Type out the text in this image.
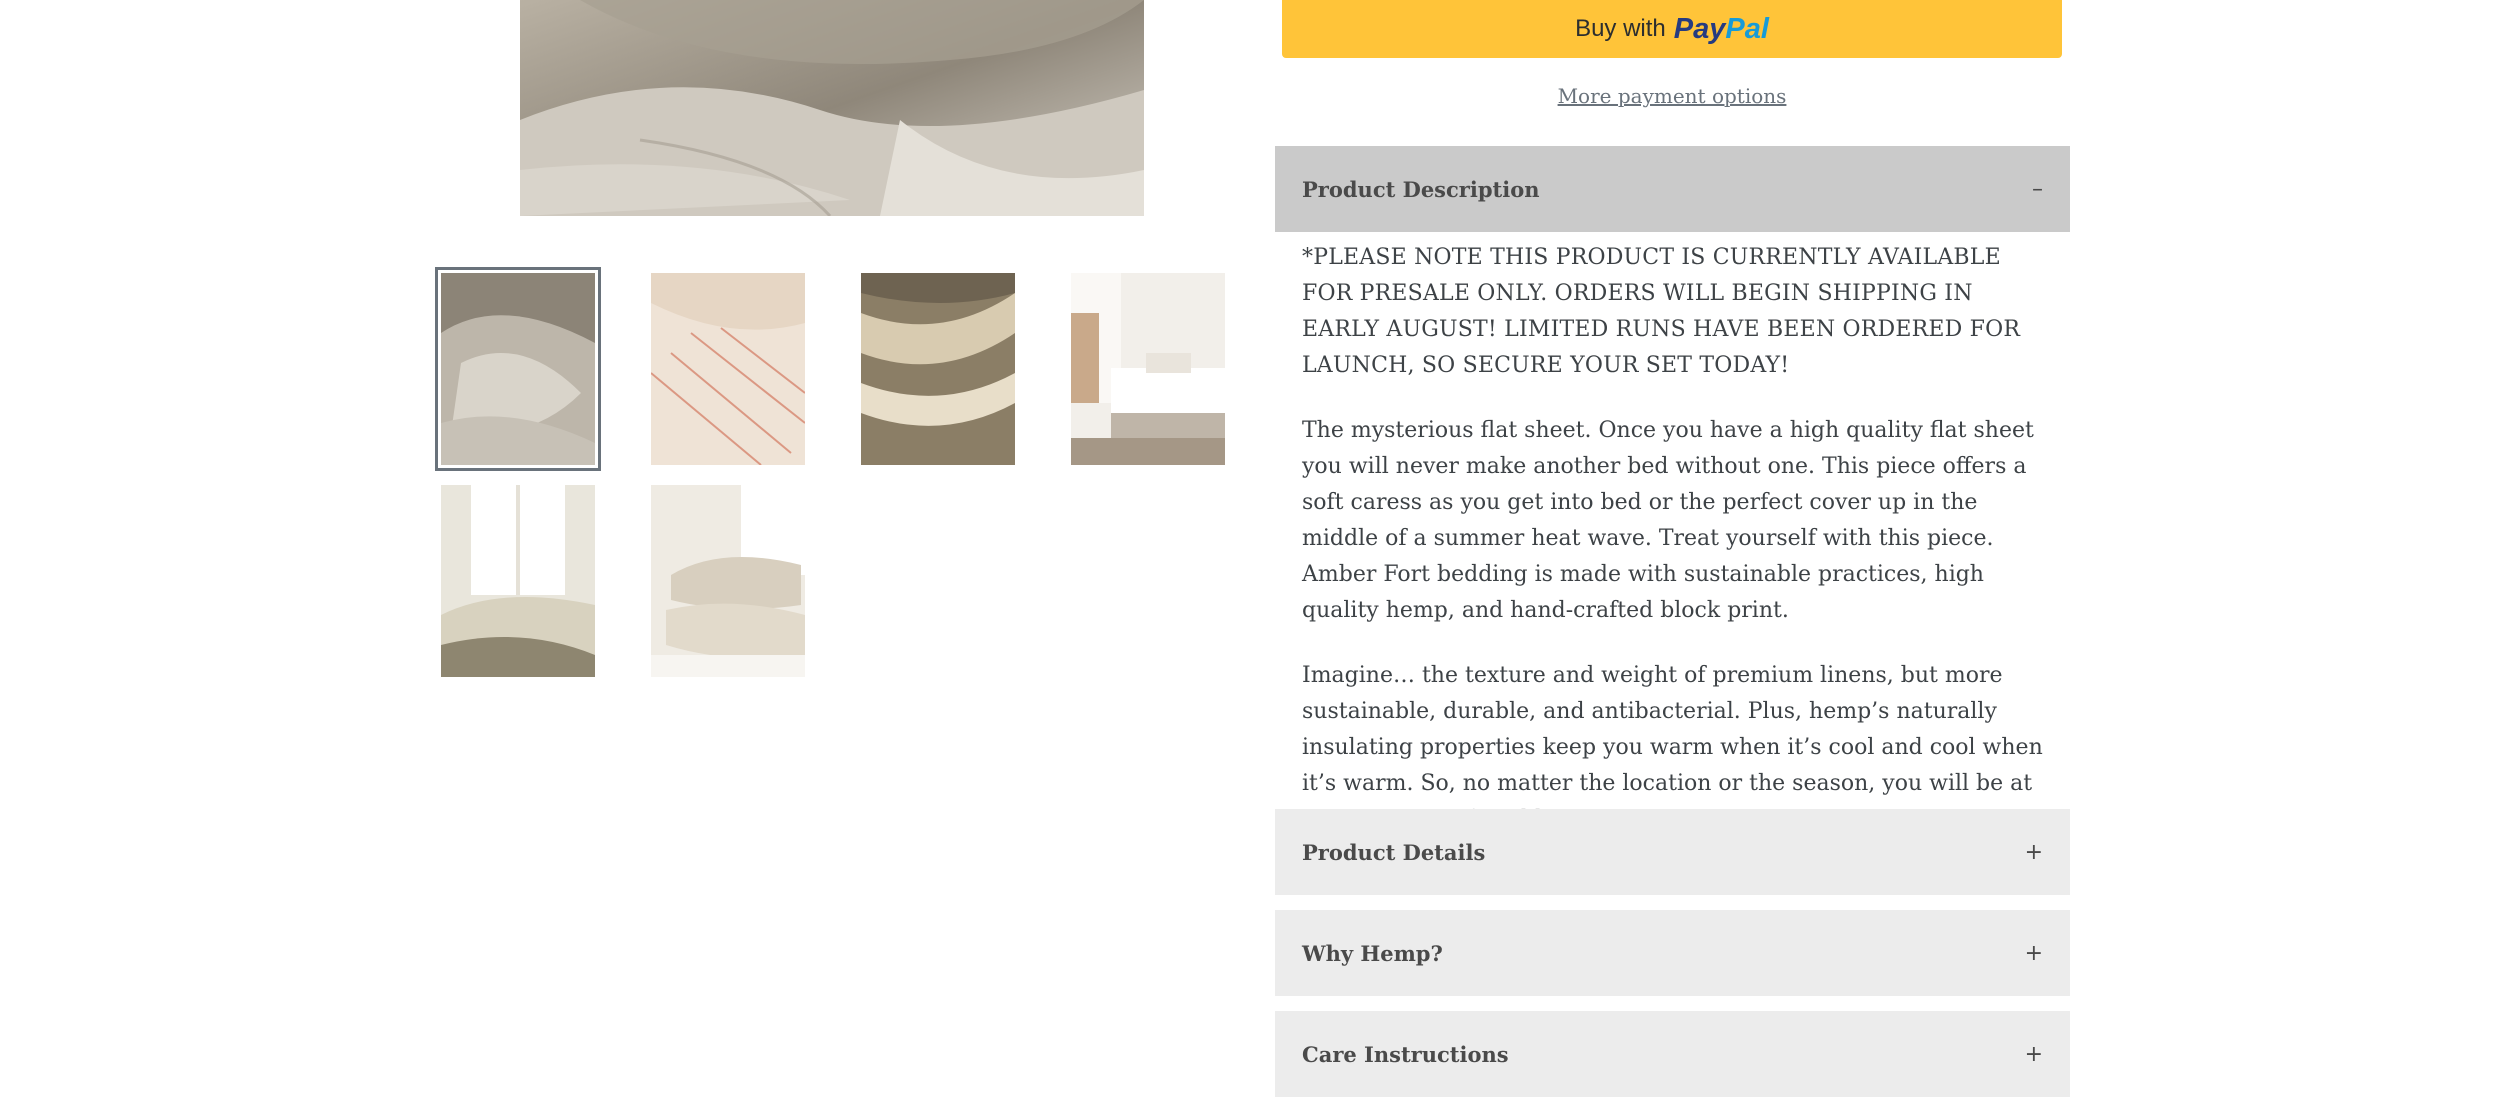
Buy with PayPal
More payment options
Product Description	–

*PLEASE NOTE THIS PRODUCT IS CURRENTLY AVAILABLE FOR PRESALE ONLY. ORDERS WILL BEGIN SHIPPING IN EARLY AUGUST! LIMITED RUNS HAVE BEEN ORDERED FOR LAUNCH, SO SECURE YOUR SET TODAY!

The mysterious flat sheet. Once you have a high quality flat sheet you will never make another bed without one. This piece offers a soft caress as you get into bed or the perfect cover up in the middle of a summer heat wave. Treat yourself with this piece.
Amber Fort bedding is made with sustainable practices, high quality hemp, and hand-crafted block print.

Imagine… the texture and weight of premium linens, but more sustainable, durable, and antibacterial. Plus, hemp’s naturally insulating properties keep you warm when it’s cool and cool when it’s warm. So, no matter the location or the season, you will be at

Product Details	+
Why Hemp?	+
Care Instructions	+
